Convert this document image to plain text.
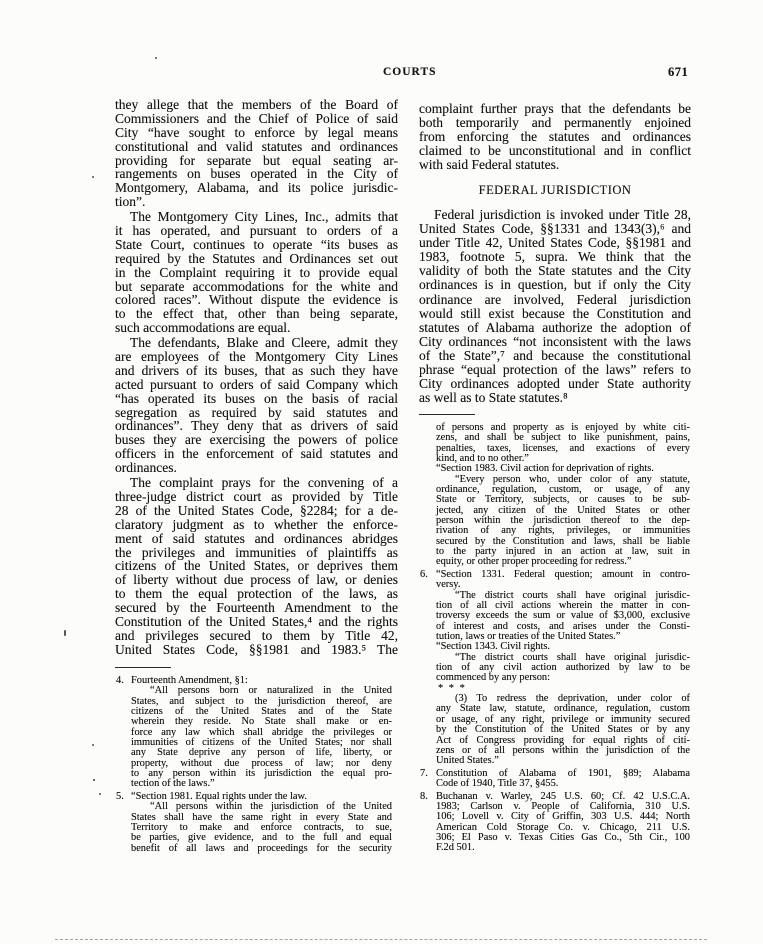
COURTS	671
they allege that the members of the Board of
Commissioners and the Chief of Police of said
City “have sought to enforce by legal means
constitutional and valid statutes and ordinances
providing for separate but equal seating ar-
rangements on buses operated in the City of
Montgomery, Alabama, and its police jurisdic-
tion”.
The Montgomery City Lines, Inc., admits that
it has operated, and pursuant to orders of a
State Court, continues to operate “its buses as
required by the Statutes and Ordinances set out
in the Complaint requiring it to provide equal
but separate accommodations for the white and
colored races”. Without dispute the evidence is
to the effect that, other than being separate,
such accommodations are equal.
The defendants, Blake and Cleere, admit they
are employees of the Montgomery City Lines
and drivers of its buses, that as such they have
acted pursuant to orders of said Company which
“has operated its buses on the basis of racial
segregation as required by said statutes and
ordinances”. They deny that as drivers of said
buses they are exercising the powers of police
officers in the enforcement of said statutes and
ordinances.
The complaint prays for the convening of a
three-judge district court as provided by Title
28 of the United States Code, §2284; for a de-
claratory judgment as to whether the enforce-
ment of said statutes and ordinances abridges
the privileges and immunities of plaintiffs as
citizens of the United States, or deprives them
of liberty without due process of law, or denies
to them the equal protection of the laws, as
secured by the Fourteenth Amendment to the
Constitution of the United States,⁴ and the rights
and privileges secured to them by Title 42,
United States Code, §§1981 and 1983.⁵ The
complaint further prays that the defendants be
both temporarily and permanently enjoined
from enforcing the statutes and ordinances
claimed to be unconstitutional and in conflict
with said Federal statutes.
FEDERAL JURISDICTION
Federal jurisdiction is invoked under Title 28,
United States Code, §§1331 and 1343(3),⁶ and
under Title 42, United States Code, §§1981 and
1983, footnote 5, supra. We think that the
validity of both the State statutes and the City
ordinances is in question, but if only the City
ordinance are involved, Federal jurisdiction
would still exist because the Constitution and
statutes of Alabama authorize the adoption of
City ordinances “not inconsistent with the laws
of the State”,⁷ and because the constitutional
phrase “equal protection of the laws” refers to
City ordinances adopted under State authority
as well as to State statutes.⁸
4. Fourteenth Amendment, §1:
“All persons born or naturalized in the United
States, and subject to the jurisdiction thereof, are
citizens of the United States and of the State
wherein they reside. No State shall make or en-
force any law which shall abridge the privileges or
immunities of citizens of the United States; nor shall
any State deprive any person of life, liberty, or
property, without due process of law; nor deny
to any person within its jurisdiction the equal pro-
tection of the laws.”
5. “Section 1981. Equal rights under the law.
“All persons within the jurisdiction of the United
States shall have the same right in every State and
Territory to make and enforce contracts, to sue,
be parties, give evidence, and to the full and equal
benefit of all laws and proceedings for the security
of persons and property as is enjoyed by white citi-
zens, and shall be subject to like punishment, pains,
penalties, taxes, licenses, and exactions of every
kind, and to no other.”
“Section 1983. Civil action for deprivation of rights.
“Every person who, under color of any statute,
ordinance, regulation, custom, or usage, of any
State or Territory, subjects, or causes to be sub-
jected, any citizen of the United States or other
person within the jurisdiction thereof to the dep-
rivation of any rights, privileges, or immunities
secured by the Constitution and laws, shall be liable
to the party injured in an action at law, suit in
equity, or other proper proceeding for redress.”
6. “Section 1331. Federal question; amount in contro-
versy.
“The district courts shall have original jurisdic-
tion of all civil actions wherein the matter in con-
troversy exceeds the sum or value of $3,000, exclusive
of interest and costs, and arises under the Consti-
tution, laws or treaties of the United States.”
“Section 1343. Civil rights.
“The district courts shall have original jurisdic-
tion of any civil action authorized by law to be
commenced by any person:
* * *
(3) To redress the deprivation, under color of
any State law, statute, ordinance, regulation, custom
or usage, of any right, privilege or immunity secured
by the Constitution of the United States or by any
Act of Congress providing for equal rights of citi-
zens or of all persons within the jurisdiction of the
United States.”
7. Constitution of Alabama of 1901, §89; Alabama
Code of 1940, Title 37, §455.
8. Buchanan v. Warley, 245 U.S. 60; Cf. 42 U.S.C.A.
1983; Carlson v. People of California, 310 U.S.
106; Lovell v. City of Griffin, 303 U.S. 444; North
American Cold Storage Co. v. Chicago, 211 U.S.
306; El Paso v. Texas Cities Gas Co., 5th Cir., 100
F.2d 501.
